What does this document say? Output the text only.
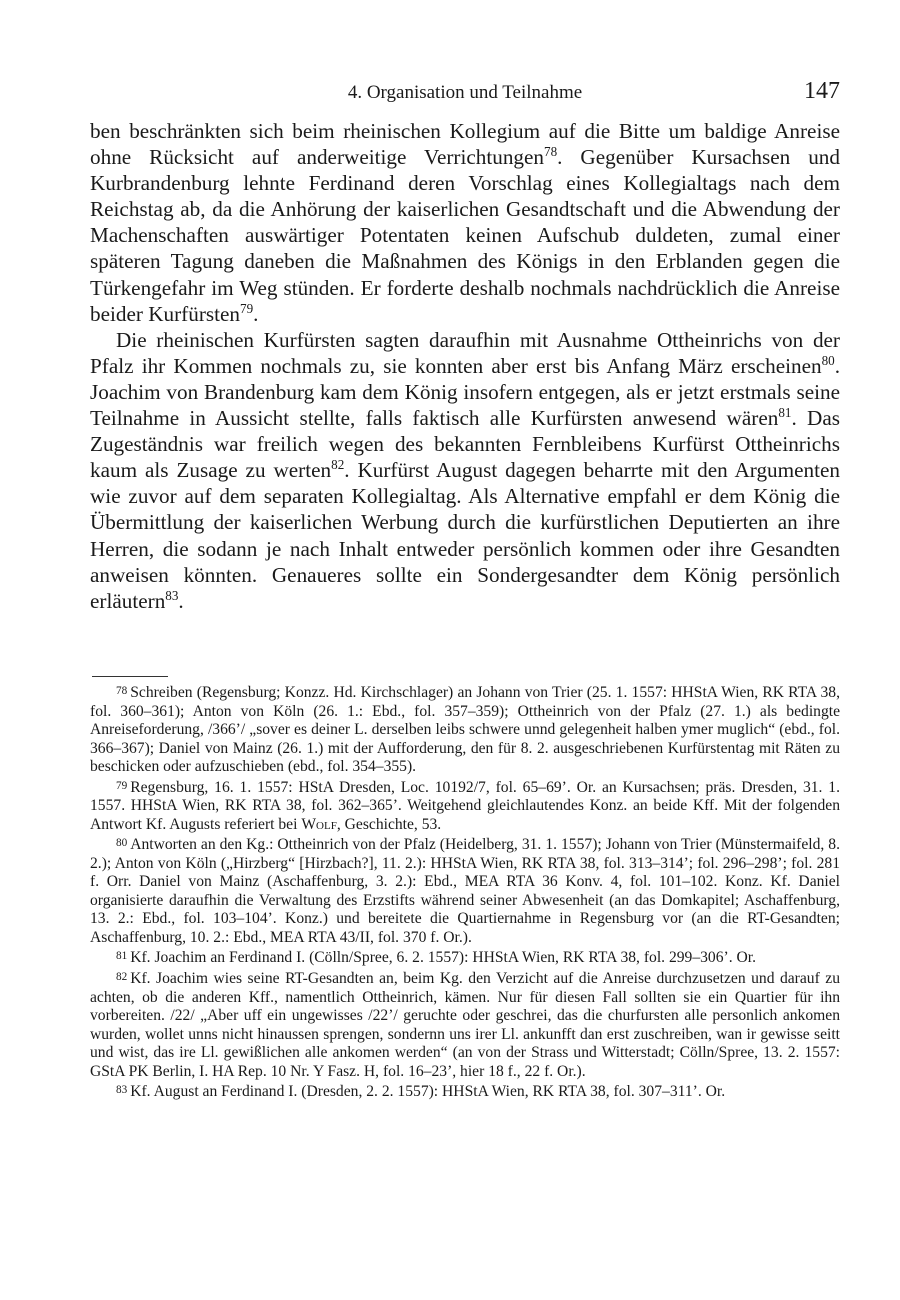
4. Organisation und Teilnahme	147

ben beschränkten sich beim rheinischen Kollegium auf die Bitte um baldige Anreise ohne Rücksicht auf anderweitige Verrichtungen$^{78}$. Gegenüber Kursachsen und Kurbrandenburg lehnte Ferdinand deren Vorschlag eines Kollegialtags nach dem Reichstag ab, da die Anhörung der kaiserlichen Gesandtschaft und die Abwendung der Machenschaften auswärtiger Potentaten keinen Aufschub duldeten, zumal einer späteren Tagung daneben die Maßnahmen des Königs in den Erblanden gegen die Türkengefahr im Weg stünden. Er forderte deshalb nochmals nachdrücklich die Anreise beider Kurfürsten$^{79}$.

Die rheinischen Kurfürsten sagten daraufhin mit Ausnahme Ottheinrichs von der Pfalz ihr Kommen nochmals zu, sie konnten aber erst bis Anfang März erscheinen$^{80}$. Joachim von Brandenburg kam dem König insofern entgegen, als er jetzt erstmals seine Teilnahme in Aussicht stellte, falls faktisch alle Kurfürsten anwesend wären$^{81}$. Das Zugeständnis war freilich wegen des bekannten Fernbleibens Kurfürst Ottheinrichs kaum als Zusage zu werten$^{82}$. Kurfürst August dagegen beharrte mit den Argumenten wie zuvor auf dem separaten Kollegialtag. Als Alternative empfahl er dem König die Übermittlung der kaiserlichen Werbung durch die kurfürstlichen Deputierten an ihre Herren, die sodann je nach Inhalt entweder persönlich kommen oder ihre Gesandten anweisen könnten. Genaueres sollte ein Sondergesandter dem König persönlich erläutern$^{83}$.

$^{78}$ Schreiben (Regensburg; Konzz. Hd. Kirchschlager) an Johann von Trier (25. 1. 1557: HHStA Wien, RK RTA 38, fol. 360–361); Anton von Köln (26. 1.: Ebd., fol. 357–359); Ottheinrich von der Pfalz (27. 1.) als bedingte Anreiseforderung, /366’/ „sover es deiner L. derselben leibs schwere unnd gelegenheit halben ymer muglich“ (ebd., fol. 366–367); Daniel von Mainz (26. 1.) mit der Aufforderung, den für 8. 2. ausgeschriebenen Kurfürstentag mit Räten zu beschicken oder aufzuschieben (ebd., fol. 354–355).

$^{79}$ Regensburg, 16. 1. 1557: HStA Dresden, Loc. 10192/7, fol. 65–69’. Or. an Kursachsen; präs. Dresden, 31. 1. 1557. HHStA Wien, RK RTA 38, fol. 362–365’. Weitgehend gleichlautendes Konz. an beide Kff. Mit der folgenden Antwort Kf. Augusts referiert bei Wolf, Geschichte, 53.

$^{80}$ Antworten an den Kg.: Ottheinrich von der Pfalz (Heidelberg, 31. 1. 1557); Johann von Trier (Münstermaifeld, 8. 2.); Anton von Köln („Hirzberg“ [Hirzbach?], 11. 2.): HHStA Wien, RK RTA 38, fol. 313–314’; fol. 296–298’; fol. 281 f. Orr. Daniel von Mainz (Aschaffenburg, 3. 2.): Ebd., MEA RTA 36 Konv. 4, fol. 101–102. Konz. Kf. Daniel organisierte daraufhin die Verwaltung des Erzstifts während seiner Abwesenheit (an das Domkapitel; Aschaffenburg, 13. 2.: Ebd., fol. 103–104’. Konz.) und bereitete die Quartiernahme in Regensburg vor (an die RT-Gesandten; Aschaffenburg, 10. 2.: Ebd., MEA RTA 43/II, fol. 370 f. Or.).

$^{81}$ Kf. Joachim an Ferdinand I. (Cölln/Spree, 6. 2. 1557): HHStA Wien, RK RTA 38, fol. 299–306’. Or.

$^{82}$ Kf. Joachim wies seine RT-Gesandten an, beim Kg. den Verzicht auf die Anreise durchzusetzen und darauf zu achten, ob die anderen Kff., namentlich Ottheinrich, kämen. Nur für diesen Fall sollten sie ein Quartier für ihn vorbereiten. /22/ „Aber uff ein ungewisses /22’/ geruchte oder geschrei, das die churfursten alle personlich ankomen wurden, wollet unns nicht hinaussen sprengen, sondernn uns irer Ll. ankunfft dan erst zuschreiben, wan ir gewisse seitt und wist, das ire Ll. gewißlichen alle ankomen werden“ (an von der Strass und Witterstadt; Cölln/Spree, 13. 2. 1557: GStA PK Berlin, I. HA Rep. 10 Nr. Y Fasz. H, fol. 16–23’, hier 18 f., 22 f. Or.).

$^{83}$ Kf. August an Ferdinand I. (Dresden, 2. 2. 1557): HHStA Wien, RK RTA 38, fol. 307–311’. Or.
